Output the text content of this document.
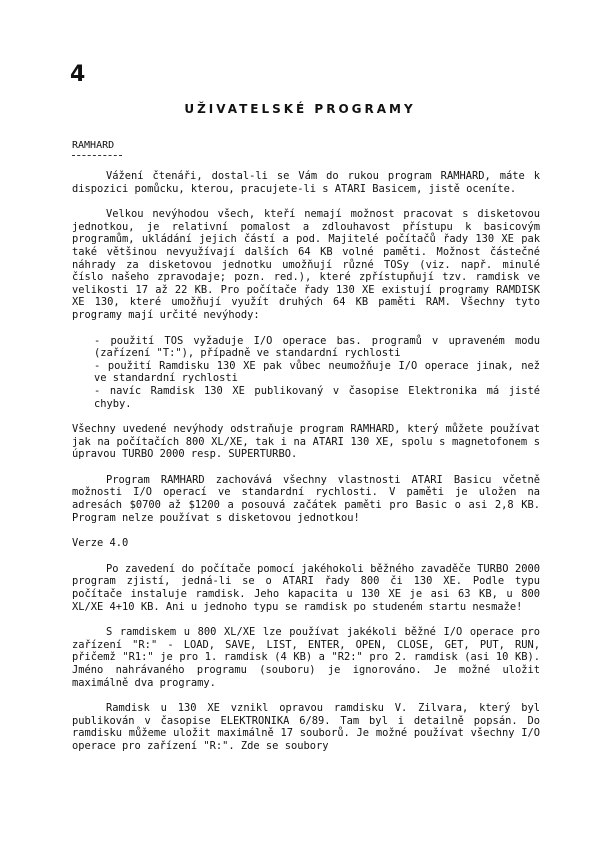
4
UŽIVATELSKÉ PROGRAMY
RAMHARD

Vážení čtenáři, dostal-li se Vám do rukou program RAMHARD, máte k dispozici pomůcku, kterou, pracujete-li s ATARI Basicem, jistě oceníte.

Velkou nevýhodou všech, kteří nemají možnost pracovat s disketovou jednotkou, je relativní pomalost a zdlouhavost přístupu k basicovým programům, ukládání jejich částí a pod. Majitelé počítačů řady 130 XE pak také většinou nevyužívají dalších 64 KB volné paměti. Možnost částečné náhrady za disketovou jednotku umožňují různé TOSy (viz. např. minulé číslo našeho zpravodaje; pozn. red.), které zpřístupňují tzv. ramdisk ve velikosti 17 až 22 KB. Pro počítače řady 130 XE existují programy RAMDISK XE 130, které umožňují využít druhých 64 KB paměti RAM. Všechny tyto programy mají určité nevýhody:

- použití TOS vyžaduje I/O operace bas. programů v upraveném modu (zařízení "T:"), případně ve standardní rychlosti
- použití Ramdisku 130 XE pak vůbec neumožňuje I/O operace jinak, než ve standardní rychlosti
- navíc Ramdisk 130 XE publikovaný v časopise Elektronika má jisté chyby.

Všechny uvedené nevýhody odstraňuje program RAMHARD, který můžete používat jak na počítačích 800 XL/XE, tak i na ATARI 130 XE, spolu s magnetofonem s úpravou TURBO 2000 resp. SUPERTURBO.

Program RAMHARD zachovává všechny vlastnosti ATARI Basicu včetně možnosti I/O operací ve standardní rychlosti. V paměti je uložen na adresách $0700 až $1200 a posouvá začátek paměti pro Basic o asi 2,8 KB. Program nelze používat s disketovou jednotkou!

Verze 4.0

Po zavedení do počítače pomocí jakéhokoli běžného zavaděče TURBO 2000 program zjistí, jedná-li se o ATARI řady 800 či 130 XE. Podle typu počítače instaluje ramdisk. Jeho kapacita u 130 XE je asi 63 KB, u 800 XL/XE 4+10 KB. Ani u jednoho typu se ramdisk po studeném startu nesmaže!

S ramdiskem u 800 XL/XE lze používat jakékoli běžné I/O operace pro zařízení "R:" - LOAD, SAVE, LIST, ENTER, OPEN, CLOSE, GET, PUT, RUN, přičemž "R1:" je pro 1. ramdisk (4 KB) a "R2:" pro 2. ramdisk (asi 10 KB). Jméno nahrávaného programu (souboru) je ignorováno. Je možné uložit maximálně dva programy.

Ramdisk u 130 XE vznikl opravou ramdisku V. Zilvara, který byl publikován v časopise ELEKTRONIKA 6/89. Tam byl i detailně popsán. Do ramdisku můžeme uložit maximálně 17 souborů. Je možné používat všechny I/O operace pro zařízení "R:". Zde se soubory
